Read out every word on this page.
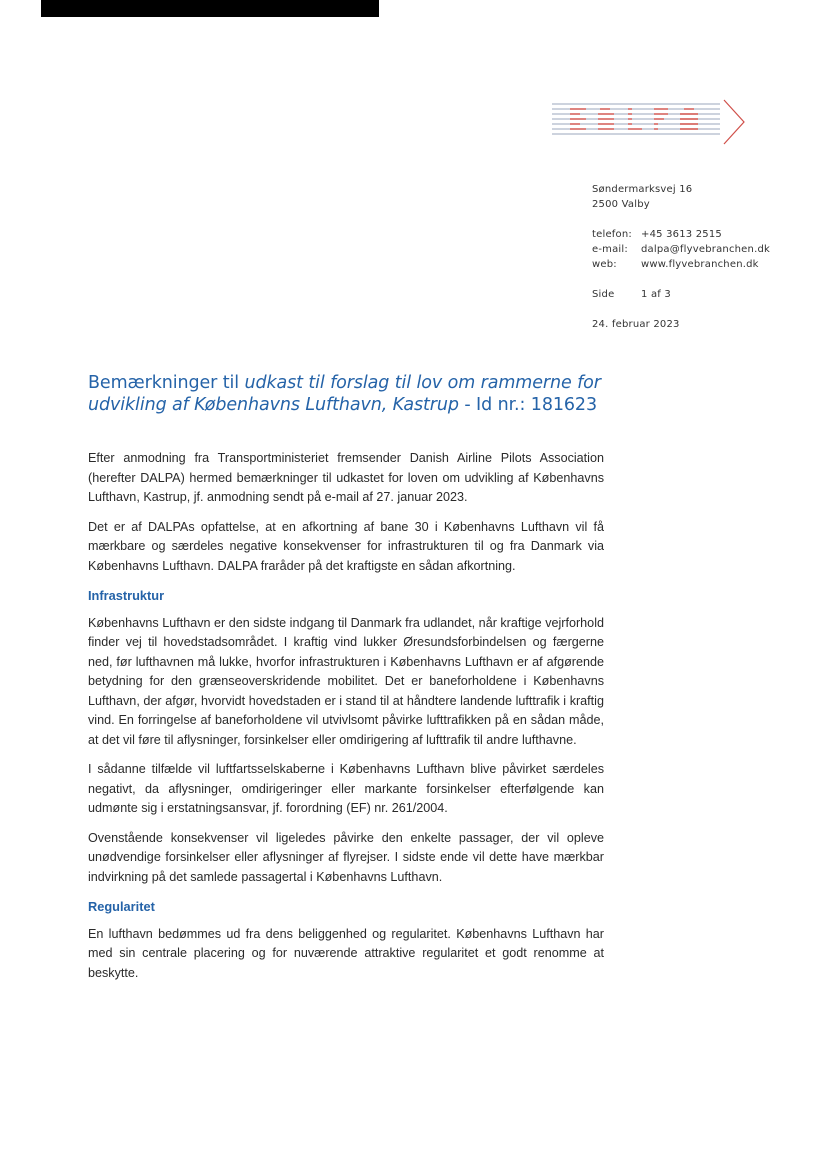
Søndermarksvej 16
2500 Valby
telefon: +45 3613 2515
e-mail: dalpa@flyvebranchen.dk
web: www.flyvebranchen.dk
Side	1 af 3
24. februar 2023
Bemærkninger til udkast til forslag til lov om rammerne for udvikling af Københavns Lufthavn, Kastrup - Id nr.: 181623

Efter anmodning fra Transportministeriet fremsender Danish Airline Pilots Association (herefter DALPA) hermed bemærkninger til udkastet for loven om udvikling af Københavns Lufthavn, Kastrup, jf. anmodning sendt på e-mail af 27. januar 2023.

Det er af DALPAs opfattelse, at en afkortning af bane 30 i Københavns Lufthavn vil få mærkbare og særdeles negative konsekvenser for infrastrukturen til og fra Danmark via Københavns Lufthavn. DALPA fraråder på det kraftigste en sådan afkortning.

Infrastruktur

Københavns Lufthavn er den sidste indgang til Danmark fra udlandet, når kraftige vejrforhold finder vej til hovedstadsområdet. I kraftig vind lukker Øresundsforbindelsen og færgerne ned, før lufthavnen må lukke, hvorfor infrastrukturen i Københavns Lufthavn er af afgørende betydning for den grænseoverskridende mobilitet. Det er baneforholdene i Københavns Lufthavn, der afgør, hvorvidt hovedstaden er i stand til at håndtere landende lufttrafik i kraftig vind. En forringelse af baneforholdene vil utvivlsomt påvirke lufttrafikken på en sådan måde, at det vil føre til aflysninger, forsinkelser eller omdirigering af lufttrafik til andre lufthavne.

I sådanne tilfælde vil luftfartsselskaberne i Københavns Lufthavn blive påvirket særdeles negativt, da aflysninger, omdirigeringer eller markante forsinkelser efterfølgende kan udmønte sig i erstatningsansvar, jf. forordning (EF) nr. 261/2004.

Ovenstående konsekvenser vil ligeledes påvirke den enkelte passager, der vil opleve unødvendige forsinkelser eller aflysninger af flyrejser. I sidste ende vil dette have mærkbar indvirkning på det samlede passagertal i Københavns Lufthavn.

Regularitet

En lufthavn bedømmes ud fra dens beliggenhed og regularitet. Københavns Lufthavn har med sin centrale placering og for nuværende attraktive regularitet et godt renomme at beskytte.
